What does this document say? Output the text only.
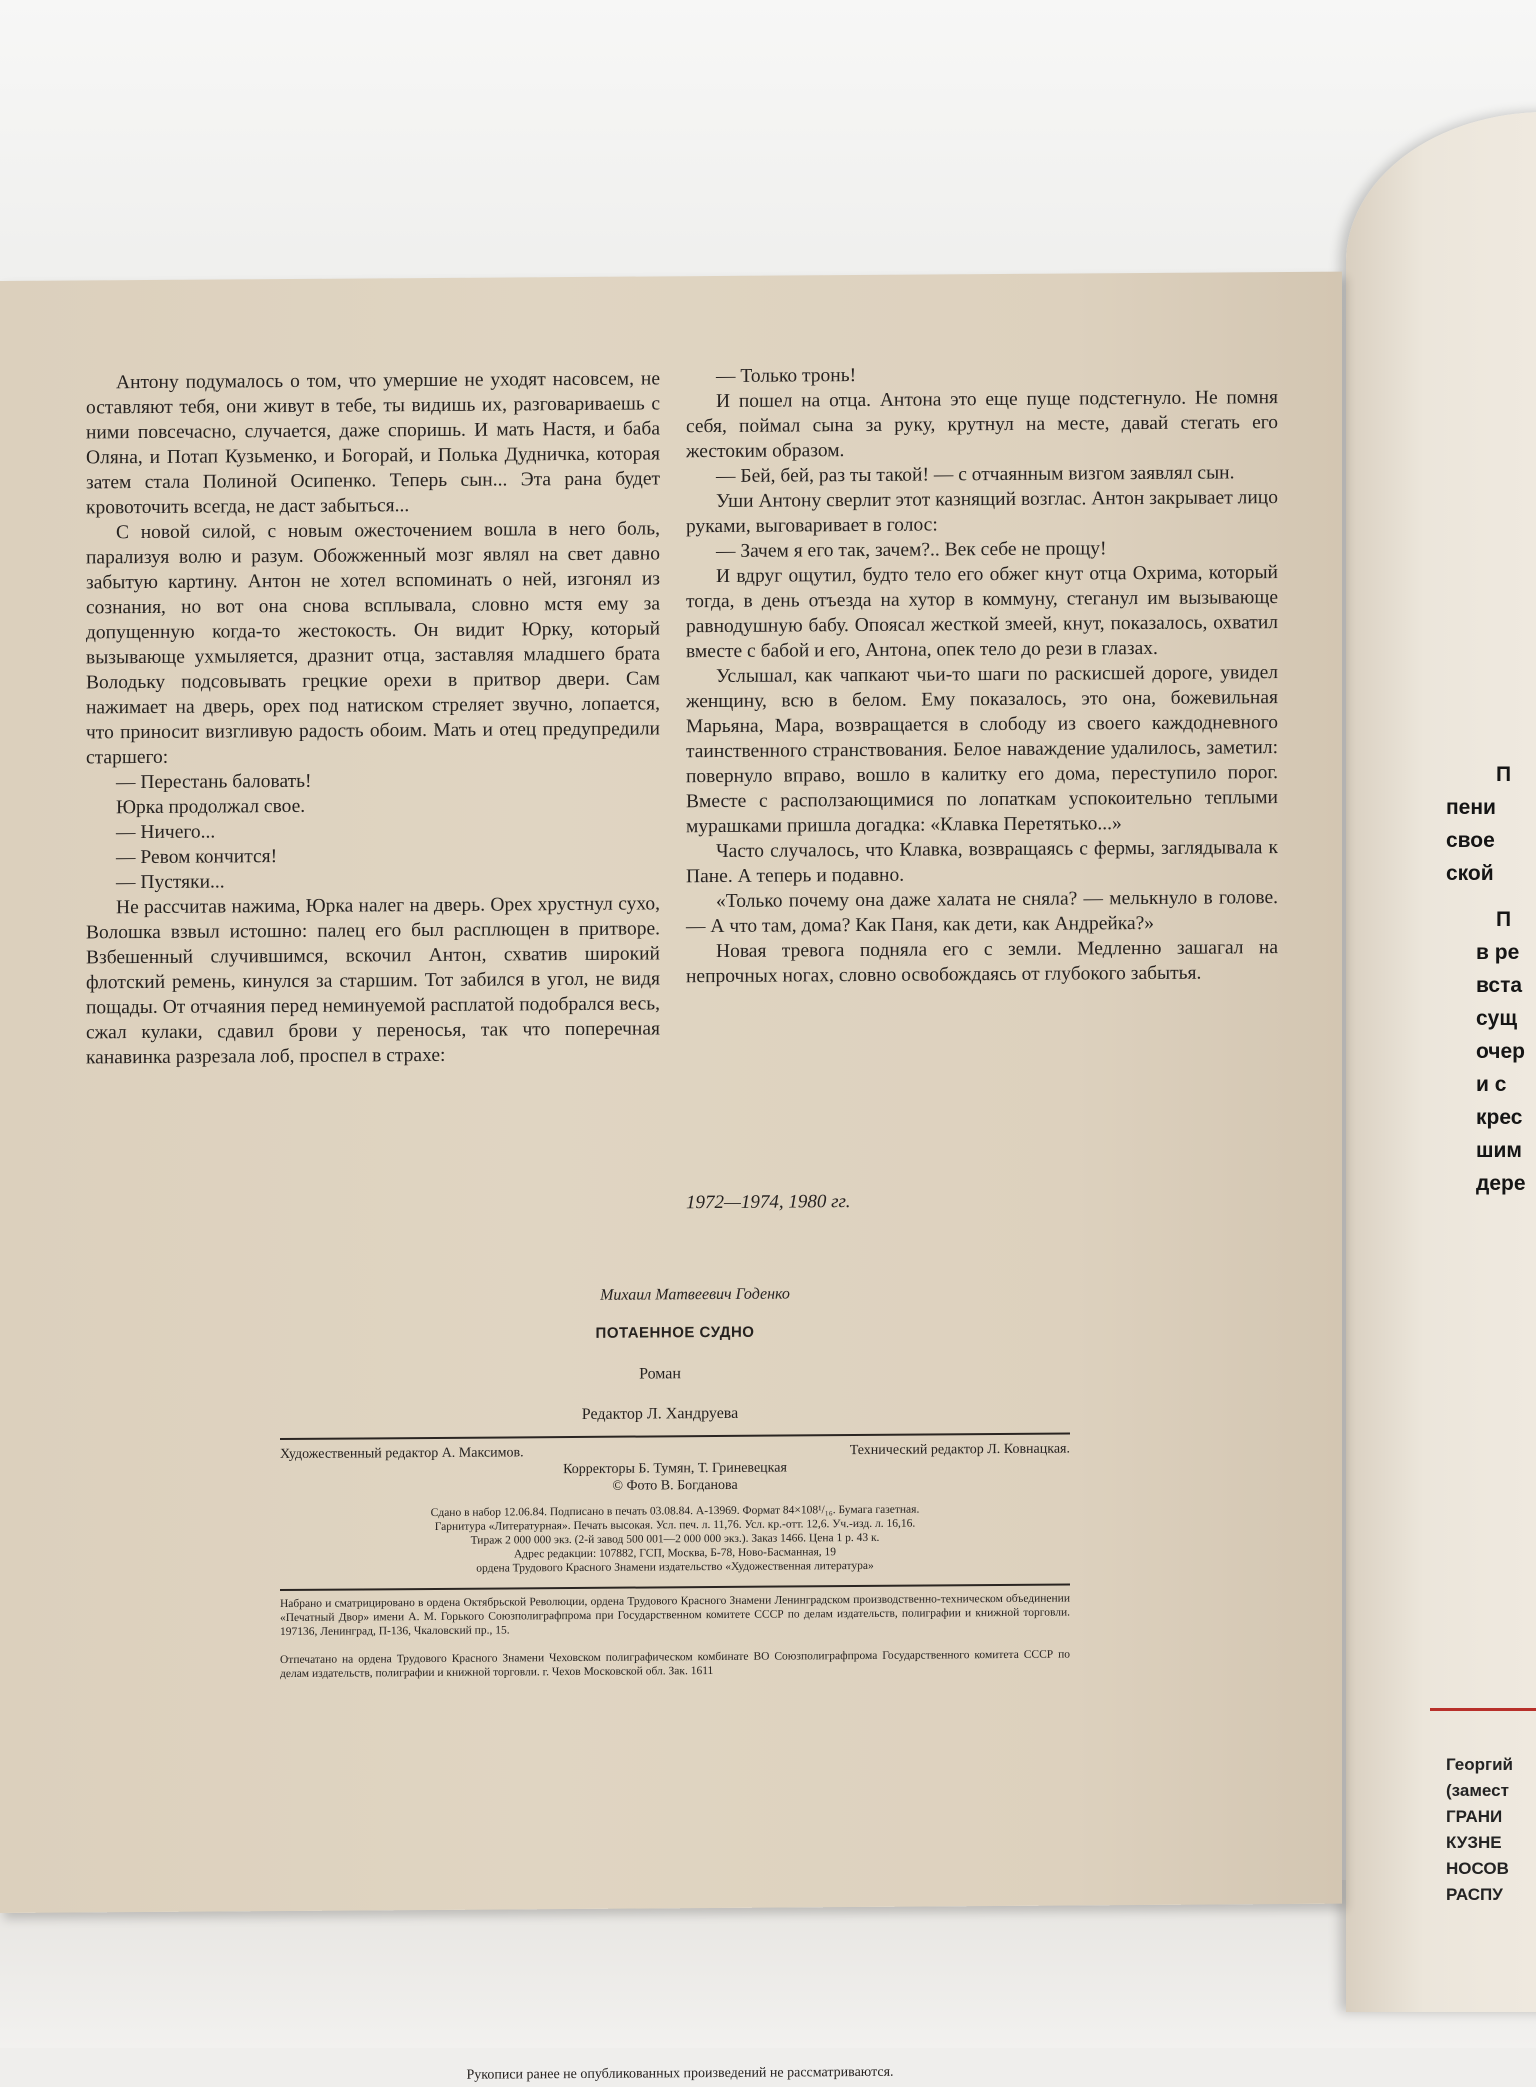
П
пени
свое
ской
П
в ре
вста
сущ
очер
и с
крес
шим
дере
Георгий
(замест
ГРАНИ
КУЗНЕ
НОСОВ
РАСПУ

Антону подумалось о том, что умершие не уходят насовсем, не оставляют тебя, они живут в тебе, ты видишь их, разговариваешь с ними повсечасно, случается, даже споришь. И мать Настя, и баба Оляна, и Потап Кузьменко, и Богорай, и Полька Дудничка, которая затем стала Полиной Осипенко. Теперь сын... Эта рана будет кровоточить всегда, не даст забыться...

С новой силой, с новым ожесточением вошла в него боль, парализуя волю и разум. Обожженный мозг являл на свет давно забытую картину. Антон не хотел вспоминать о ней, изгонял из сознания, но вот она снова всплывала, словно мстя ему за допущенную когда-то жестокость. Он видит Юрку, который вызывающе ухмыляется, дразнит отца, заставляя младшего брата Володьку подсовывать грецкие орехи в притвор двери. Сам нажимает на дверь, орех под натиском стреляет звучно, лопается, что приносит визгливую радость обоим. Мать и отец предупредили старшего:

— Перестань баловать!

Юрка продолжал свое.

— Ничего...

— Ревом кончится!

— Пустяки...

Не рассчитав нажима, Юрка налег на дверь. Орех хрустнул сухо, Волошка взвыл истошно: палец его был расплющен в притворе. Взбешенный случившимся, вскочил Антон, схватив широкий флотский ремень, кинулся за старшим. Тот забился в угол, не видя пощады. От отчаяния перед неминуемой расплатой подобрался весь, сжал кулаки, сдавил брови у переносья, так что поперечная канавинка разрезала лоб, проспел в страхе:

— Только тронь!

И пошел на отца. Антона это еще пуще подстегнуло. Не помня себя, поймал сына за руку, крутнул на месте, давай стегать его жестоким образом.

— Бей, бей, раз ты такой! — с отчаянным визгом заявлял сын.

Уши Антону сверлит этот казнящий возглас. Антон закрывает лицо руками, выговаривает в голос:

— Зачем я его так, зачем?.. Век себе не прощу!

И вдруг ощутил, будто тело его обжег кнут отца Охрима, который тогда, в день отъезда на хутор в коммуну, стеганул им вызывающе равнодушную бабу. Опоясал жесткой змеей, кнут, показалось, охватил вместе с бабой и его, Антона, опек тело до рези в глазах.

Услышал, как чапкают чьи-то шаги по раскисшей дороге, увидел женщину, всю в белом. Ему показалось, это она, божевильная Марьяна, Мара, возвращается в слободу из своего каждодневного таинственного странствования. Белое наваждение удалилось, заметил: повернуло вправо, вошло в калитку его дома, переступило порог. Вместе с расползающимися по лопаткам успокоительно теплыми мурашками пришла догадка: «Клавка Перетятько...»

Часто случалось, что Клавка, возвращаясь с фермы, заглядывала к Пане. А теперь и подавно.

«Только почему она даже халата не сняла? — мелькнуло в голове. — А что там, дома? Как Паня, как дети, как Андрейка?»

Новая тревога подняла его с земли. Медленно зашагал на непрочных ногах, словно освобождаясь от глубокого забытья.

1972—1974, 1980 гг.
Михаил Матвеевич Годенко
ПОТАЕННОЕ СУДНО
Роман
Редактор Л. Хандруева
Художественный редактор А. Максимов.	Технический редактор Л. Ковнацкая.
Корректоры Б. Тумян, Т. Гриневецкая
© Фото В. Богданова
Сдано в набор 12.06.84. Подписано в печать 03.08.84. А-13969. Формат 84×108¹/₁₆. Бумага газетная.
Гарнитура «Литературная». Печать высокая. Усл. печ. л. 11,76. Усл. кр.-отт. 12,6. Уч.-изд. л. 16,16.
Тираж 2 000 000 экз. (2-й завод 500 001—2 000 000 экз.). Заказ 1466. Цена 1 р. 43 к.
Адрес редакции: 107882, ГСП, Москва, Б-78, Ново-Басманная, 19
ордена Трудового Красного Знамени издательство «Художественная литература»
Набрано и сматрицировано в ордена Октябрьской Революции, ордена Трудового Красного Знамени Ленинградском производственно-техническом объединении «Печатный Двор» имени А. М. Горького Союзполиграфпрома при Государственном комитете СССР по делам издательств, полиграфии и книжной торговли. 197136, Ленинград, П-136, Чкаловский пр., 15.
Отпечатано на ордена Трудового Красного Знамени Чеховском полиграфическом комбинате ВО Союзполиграфпрома Государственного комитета СССР по делам издательств, полиграфии и книжной торговли. г. Чехов Московской обл. Зак. 1611
Рукописи ранее не опубликованных произведений не рассматриваются.
